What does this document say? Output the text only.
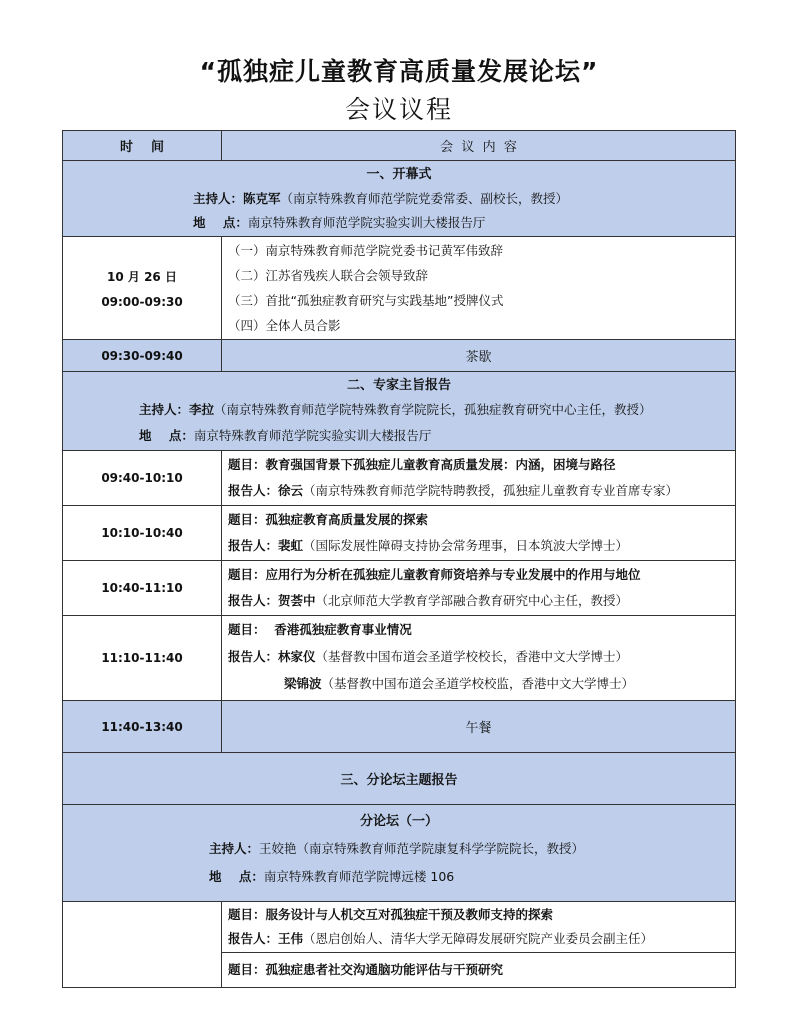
“孤独症儿童教育高质量发展论坛”
会议议程
时    间	会  议  内  容
一、开幕式
主持人：陈克军（南京特殊教育师范学院党委常委、副校长，教授）
地    点：南京特殊教育师范学院实验实训大楼报告厅
10 月 26 日
09:00-09:30
（一）南京特殊教育师范学院党委书记黄军伟致辞
（二）江苏省残疾人联合会领导致辞
（三）首批“孤独症教育研究与实践基地”授牌仪式
（四）全体人员合影
09:30-09:40	茶歇
二、专家主旨报告
主持人：李拉（南京特殊教育师范学院特殊教育学院院长，孤独症教育研究中心主任，教授）
地    点：南京特殊教育师范学院实验实训大楼报告厅
09:40-10:10
题目：教育强国背景下孤独症儿童教育高质量发展：内涵，困境与路径
报告人：徐云（南京特殊教育师范学院特聘教授，孤独症儿童教育专业首席专家）
10:10-10:40
题目：孤独症教育高质量发展的探索
报告人：裴虹（国际发展性障碍支持协会常务理事，日本筑波大学博士）
10:40-11:10
题目：应用行为分析在孤独症儿童教育师资培养与专业发展中的作用与地位
报告人：贺荟中（北京师范大学教育学部融合教育研究中心主任，教授）
11:10-11:40
题目：  香港孤独症教育事业情况
报告人：林家仪（基督教中国布道会圣道学校校长，香港中文大学博士）
梁锦波（基督教中国布道会圣道学校校监，香港中文大学博士）
11:40-13:40	午餐
三、分论坛主题报告
分论坛（一）
主持人：王姣艳（南京特殊教育师范学院康复科学学院院长，教授）
地    点：南京特殊教育师范学院博远楼 106
题目：服务设计与人机交互对孤独症干预及教师支持的探索
报告人：王伟（恩启创始人、清华大学无障碍发展研究院产业委员会副主任）
题目：孤独症患者社交沟通脑功能评估与干预研究
